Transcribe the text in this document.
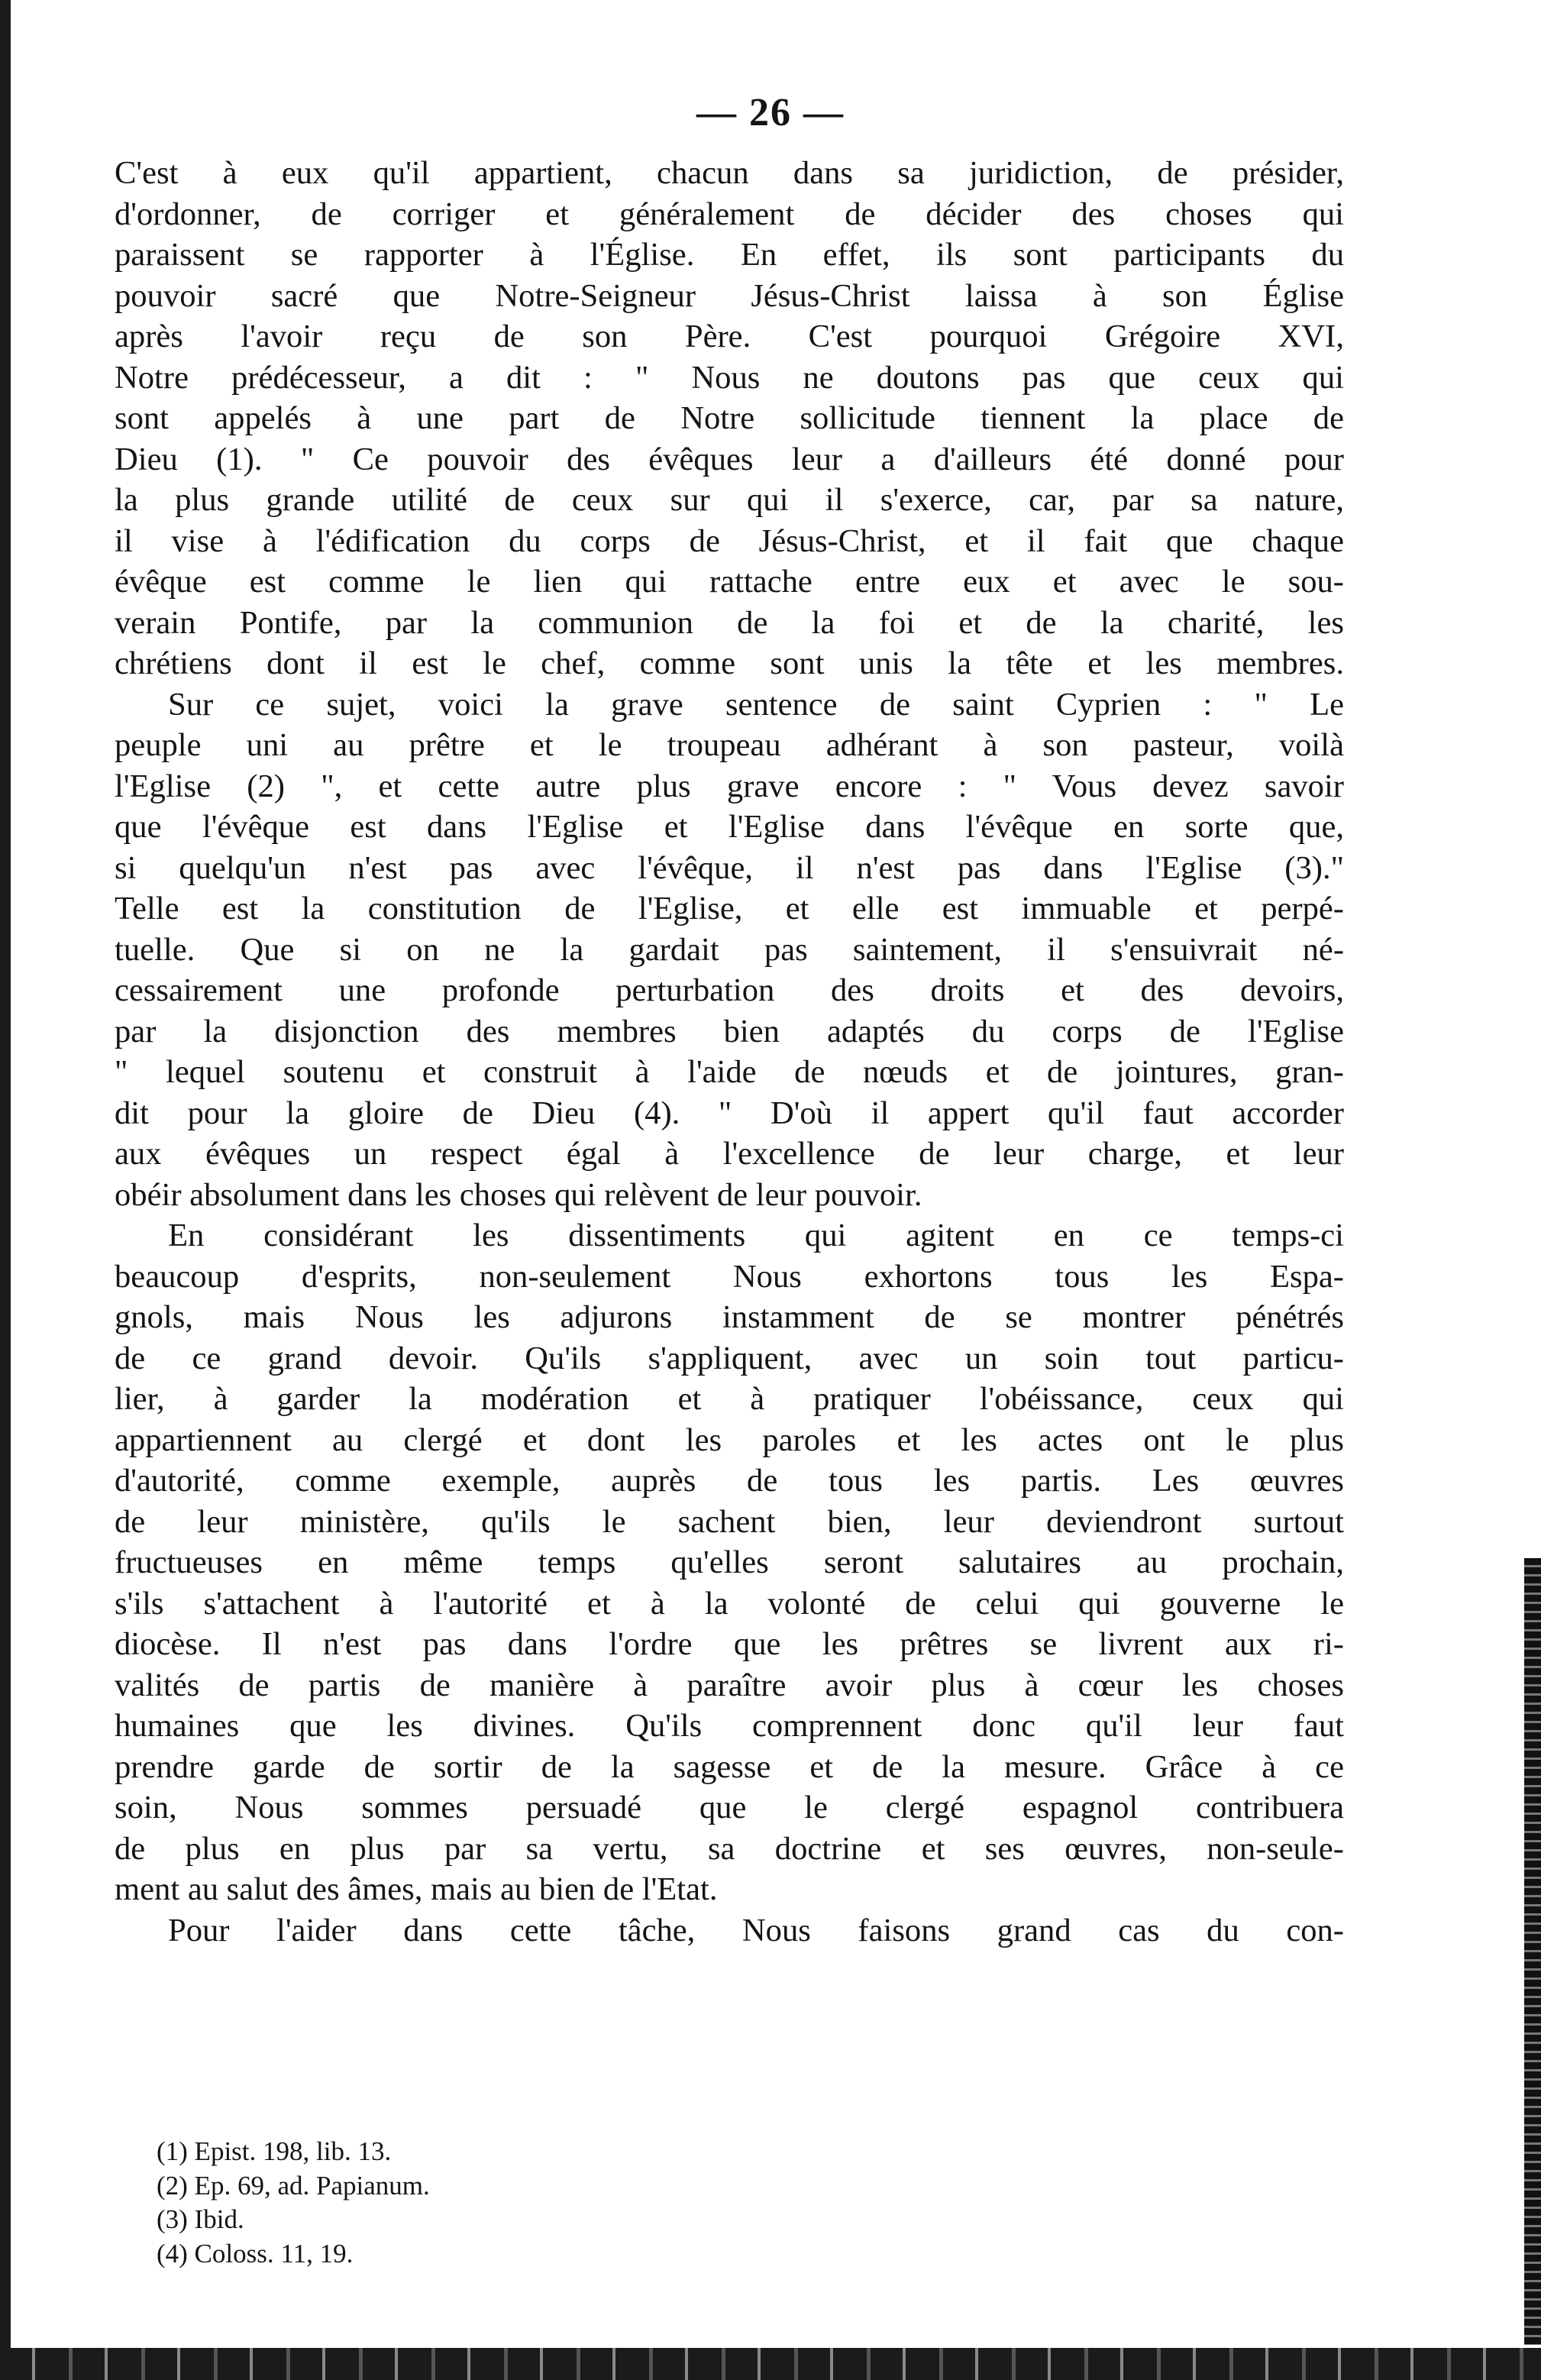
— 26 —
C'est à eux qu'il appartient, chacun dans sa juridiction, de présider,
d'ordonner, de corriger et généralement de décider des choses qui
paraissent se rapporter à l'Église. En effet, ils sont participants du
pouvoir sacré que Notre-Seigneur Jésus-Christ laissa à son Église
après l'avoir reçu de son Père. C'est pourquoi Grégoire XVI,
Notre prédécesseur, a dit : " Nous ne doutons pas que ceux qui
sont appelés à une part de Notre sollicitude tiennent la place de
Dieu (1). " Ce pouvoir des évêques leur a d'ailleurs été donné pour
la plus grande utilité de ceux sur qui il s'exerce, car, par sa nature,
il vise à l'édification du corps de Jésus-Christ, et il fait que chaque
évêque est comme le lien qui rattache entre eux et avec le sou-
verain Pontife, par la communion de la foi et de la charité, les
chrétiens dont il est le chef, comme sont unis la tête et les membres.
Sur ce sujet, voici la grave sentence de saint Cyprien : " Le
peuple uni au prêtre et le troupeau adhérant à son pasteur, voilà
l'Eglise (2) ", et cette autre plus grave encore : " Vous devez savoir
que l'évêque est dans l'Eglise et l'Eglise dans l'évêque en sorte que,
si quelqu'un n'est pas avec l'évêque, il n'est pas dans l'Eglise (3)."
Telle est la constitution de l'Eglise, et elle est immuable et perpé-
tuelle. Que si on ne la gardait pas saintement, il s'ensuivrait né-
cessairement une profonde perturbation des droits et des devoirs,
par la disjonction des membres bien adaptés du corps de l'Eglise
" lequel soutenu et construit à l'aide de nœuds et de jointures, gran-
dit pour la gloire de Dieu (4). " D'où il appert qu'il faut accorder
aux évêques un respect égal à l'excellence de leur charge, et leur
obéir absolument dans les choses qui relèvent de leur pouvoir.
En considérant les dissentiments qui agitent en ce temps-ci
beaucoup d'esprits, non-seulement Nous exhortons tous les Espa-
gnols, mais Nous les adjurons instamment de se montrer pénétrés
de ce grand devoir. Qu'ils s'appliquent, avec un soin tout particu-
lier, à garder la modération et à pratiquer l'obéissance, ceux qui
appartiennent au clergé et dont les paroles et les actes ont le plus
d'autorité, comme exemple, auprès de tous les partis. Les œuvres
de leur ministère, qu'ils le sachent bien, leur deviendront surtout
fructueuses en même temps qu'elles seront salutaires au prochain,
s'ils s'attachent à l'autorité et à la volonté de celui qui gouverne le
diocèse. Il n'est pas dans l'ordre que les prêtres se livrent aux ri-
valités de partis de manière à paraître avoir plus à cœur les choses
humaines que les divines. Qu'ils comprennent donc qu'il leur faut
prendre garde de sortir de la sagesse et de la mesure. Grâce à ce
soin, Nous sommes persuadé que le clergé espagnol contribuera
de plus en plus par sa vertu, sa doctrine et ses œuvres, non-seule-
ment au salut des âmes, mais au bien de l'Etat.
Pour l'aider dans cette tâche, Nous faisons grand cas du con-
(1) Epist. 198, lib. 13.
(2) Ep. 69, ad. Papianum.
(3) Ibid.
(4) Coloss. 11, 19.
